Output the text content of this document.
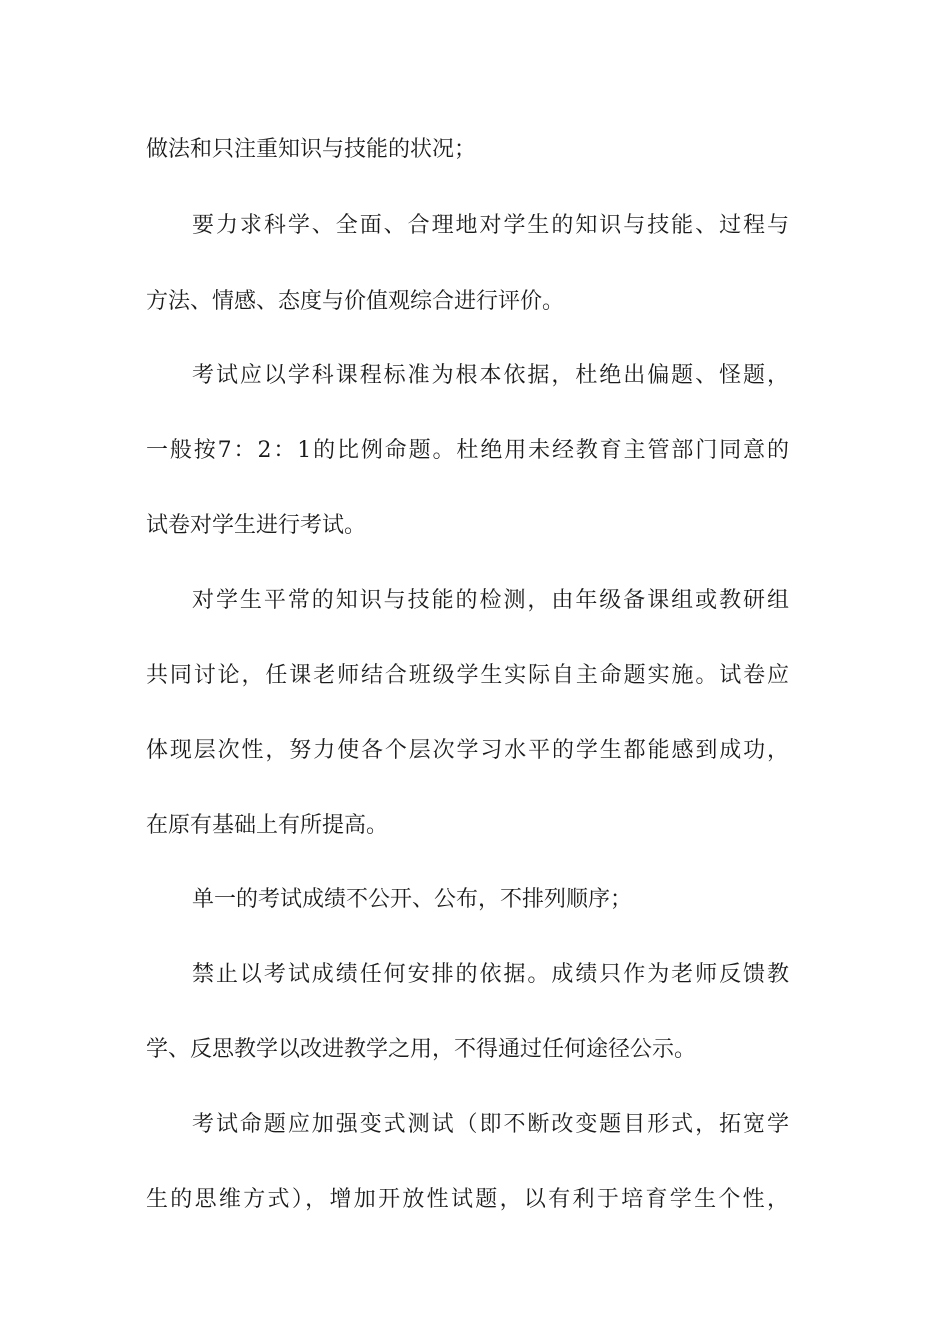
做法和只注重知识与技能的状况；

要力求科学、全面、合理地对学生的知识与技能、过程与

方法、情感、态度与价值观综合进行评价。

考试应以学科课程标准为根本依据，杜绝出偏题、怪题，

一般按7：2：1的比例命题。杜绝用未经教育主管部门同意的

试卷对学生进行考试。

对学生平常的知识与技能的检测，由年级备课组或教研组

共同讨论，任课老师结合班级学生实际自主命题实施。试卷应

体现层次性，努力使各个层次学习水平的学生都能感到成功，

在原有基础上有所提高。

单一的考试成绩不公开、公布，不排列顺序；

禁止以考试成绩任何安排的依据。成绩只作为老师反馈教

学、反思教学以改进教学之用，不得通过任何途径公示。

考试命题应加强变式测试（即不断改变题目形式，拓宽学

生的思维方式），增加开放性试题，以有利于培育学生个性，
